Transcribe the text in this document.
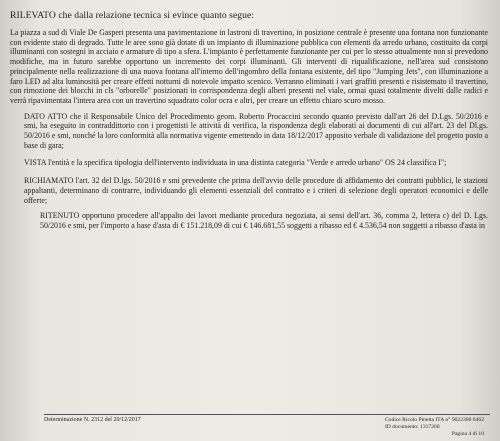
RILEVATO che dalla relazione tecnica si evince quanto segue:

La piazza a sud di Viale De Gasperi presenta una pavimentazione in lastroni di travertino, in posizione centrale è presente una fontana non funzionante con evidente stato di degrado. Tutte le aree sono già dotate di un impianto di illuminazione pubblica con elementi da arredo urbano, costituito da corpi illuminanti con sostegni in acciaio e armature di tipo a sfera. L'impianto è perfettamente funzionante per cui per lo stesso attualmente non si prevedono modifiche, ma in futuro sarebbe opportuno un incremento dei corpi illuminanti. Gli interventi di riqualificazione, nell'area sud consistono principalmente nella realizzazione di una nuova fontana all'interno dell'ingombro della fontana esistente, del tipo "Jumping Jets", con illuminazione a faro LED ad alta luminosità per creare effetti notturni di notevole impatto scenico. Verranno eliminati i vari graffiti presenti e risistemato il travertino, con rimozione dei blocchi in cls "orborelle" posizionati in corrispondenza degli alberi presenti nel viale, ormai quasi totalmente divelti dalle radici e verrà ripavimentata l'intera area con un travertino squadrato color ocra e altri, per creare un effetto chiaro scuro mosso.

DATO ATTO che il Responsabile Unico del Procedimento geom. Roberto Procaccini secondo quanto previsto dall'art 26 del D.Lgs. 50/2016 e smi, ha eseguito in contraddittorio con i progettisti le attività di verifica, la rispondenza degli elaborati ai documenti di cui all'art. 23 del Dl.gs. 50/2016 e smi, nonché la loro conformità alla normativa vigente emettendo in data 18/12/2017 apposito verbale di validazione del progetto posto a base di gara;

VISTA l'entità e la specifica tipologia dell'intervento individuata in una distinta categoria "Verde e arredo urbano" OS 24 classifica I";

RICHIAMATO l'art. 32 del D.lgs. 50/2016 e smi prevedente che prima dell'avvio delle procedure di affidamento dei contratti pubblici, le stazioni appaltanti, determinano di contrarre, individuando gli elementi essenziali del contratto e i criteri di selezione degli operatori economici e delle offerte;

RITENUTO opportuno procedere all'appalto dei lavori mediante procedura negoziata, ai sensi dell'art. 36, comma 2, lettera c) del D. Lgs. 50/2016 e smi, per l'importo a base d'asta di € 151.218,09 di cui € 146.681,55 soggetti a ribasso ed € 4.536,54 non soggetti a ribasso d'asta in

Determinazione N. 2312 del 20/12/2017	Codice Ricolo Pinetta ITA n° 9022300 6462
ID documento: 1317268
Pagina 4 di 10
